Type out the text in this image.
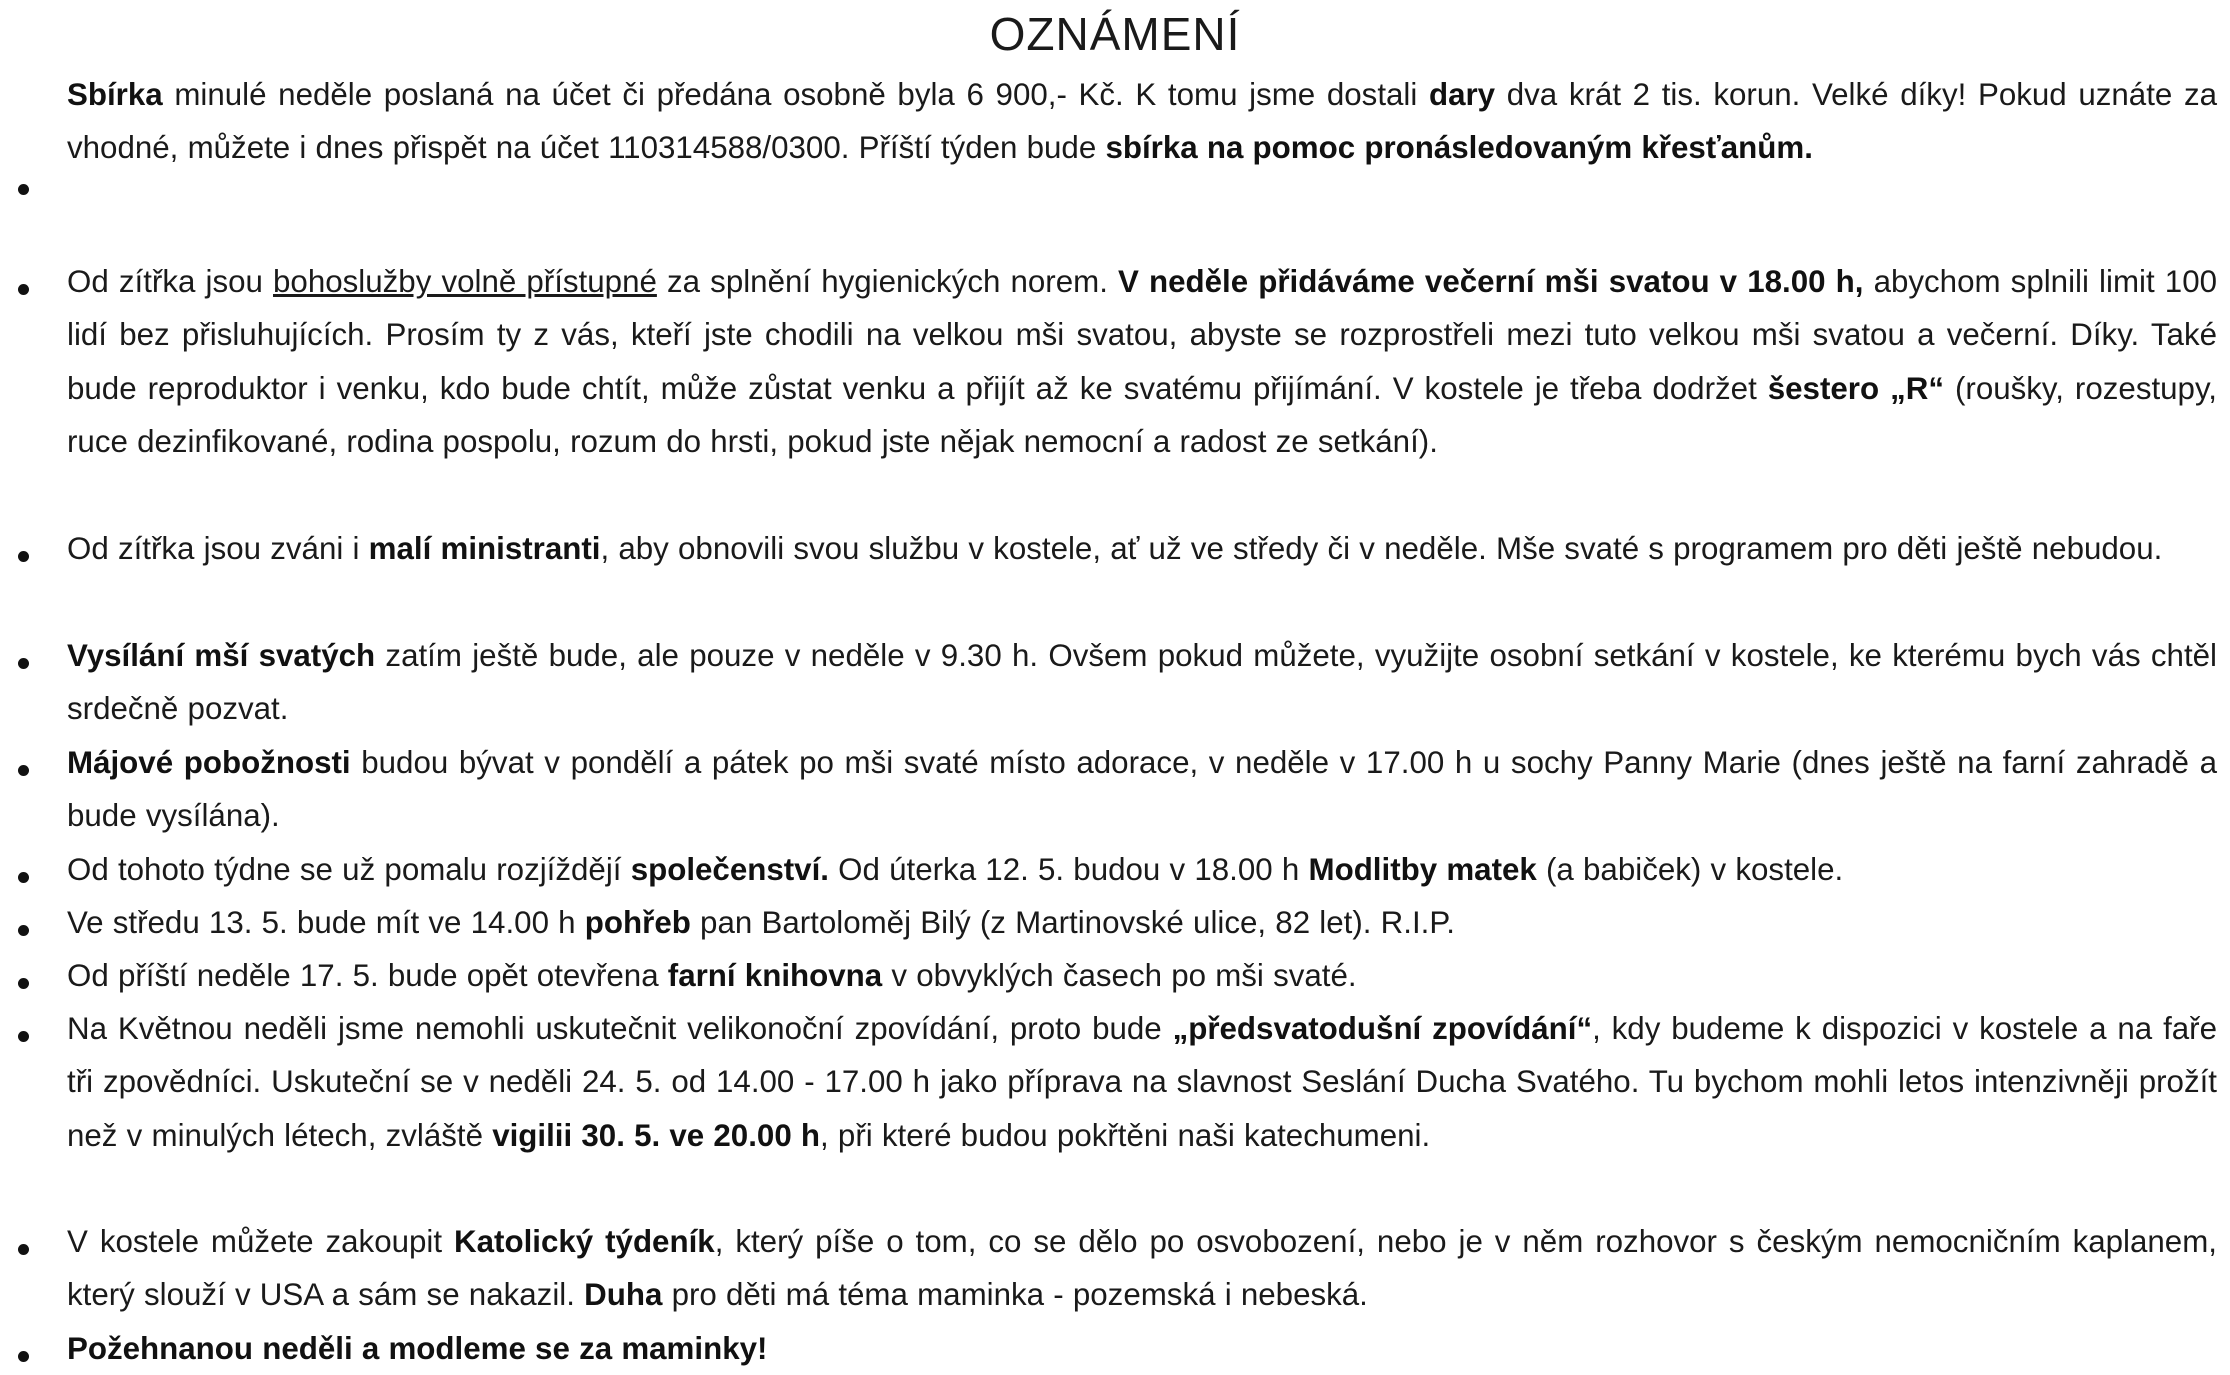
OZNÁMENÍ

Sbírka minulé neděle poslaná na účet či předána osobně byla 6 900,- Kč. K tomu jsme dostali dary dva krát 2 tis. korun. Velké díky! Pokud uznáte za vhodné, můžete i dnes přispět na účet 110314588/0300. Příští týden bude sbírka na pomoc pronásledovaným křesťanům.

Od zítřka jsou bohoslužby volně přístupné za splnění hygienických norem. V neděle přidáváme večerní mši svatou v 18.00 h, abychom splnili limit 100 lidí bez přisluhujících. Prosím ty z vás, kteří jste chodili na velkou mši svatou, abyste se rozprostřeli mezi tuto velkou mši svatou a večerní. Díky. Také bude reproduktor i venku, kdo bude chtít, může zůstat venku a přijít až ke svatému přijímání. V kostele je třeba dodržet šestero „R“ (roušky, rozestupy, ruce dezinfikované, rodina pospolu, rozum do hrsti, pokud jste nějak nemocní a radost ze setkání).

Od zítřka jsou zváni i malí ministranti, aby obnovili svou službu v kostele, ať už ve středy či v neděle. Mše svaté s programem pro děti ještě nebudou.

Vysílání mší svatých zatím ještě bude, ale pouze v neděle v 9.30 h. Ovšem pokud můžete, využijte osobní setkání v kostele, ke kterému bych vás chtěl srdečně pozvat.

Májové pobožnosti budou bývat v pondělí a pátek po mši svaté místo adorace, v neděle v 17.00 h u sochy Panny Marie (dnes ještě na farní zahradě a bude vysílána).

Od tohoto týdne se už pomalu rozjíždějí společenství. Od úterka 12. 5. budou v 18.00 h Modlitby matek (a babiček) v kostele.

Ve středu 13. 5. bude mít ve 14.00 h pohřeb pan Bartoloměj Bilý (z Martinovské ulice, 82 let). R.I.P.

Od příští neděle 17. 5. bude opět otevřena farní knihovna v obvyklých časech po mši svaté.

Na Květnou neděli jsme nemohli uskutečnit velikonoční zpovídání, proto bude „předsvatodušní zpovídání“, kdy budeme k dispozici v kostele a na faře tři zpovědníci. Uskuteční se v neděli 24. 5. od 14.00 - 17.00 h jako příprava na slavnost Seslání Ducha Svatého. Tu bychom mohli letos intenzivněji prožít než v minulých létech, zvláště vigilii 30. 5. ve 20.00 h, při které budou pokřtěni naši katechumeni.

V kostele můžete zakoupit Katolický týdeník, který píše o tom, co se dělo po osvobození, nebo je v něm rozhovor s českým nemocničním kaplanem, který slouží v USA a sám se nakazil. Duha pro děti má téma maminka - pozemská i nebeská.

Požehnanou neděli a modleme se za maminky!
